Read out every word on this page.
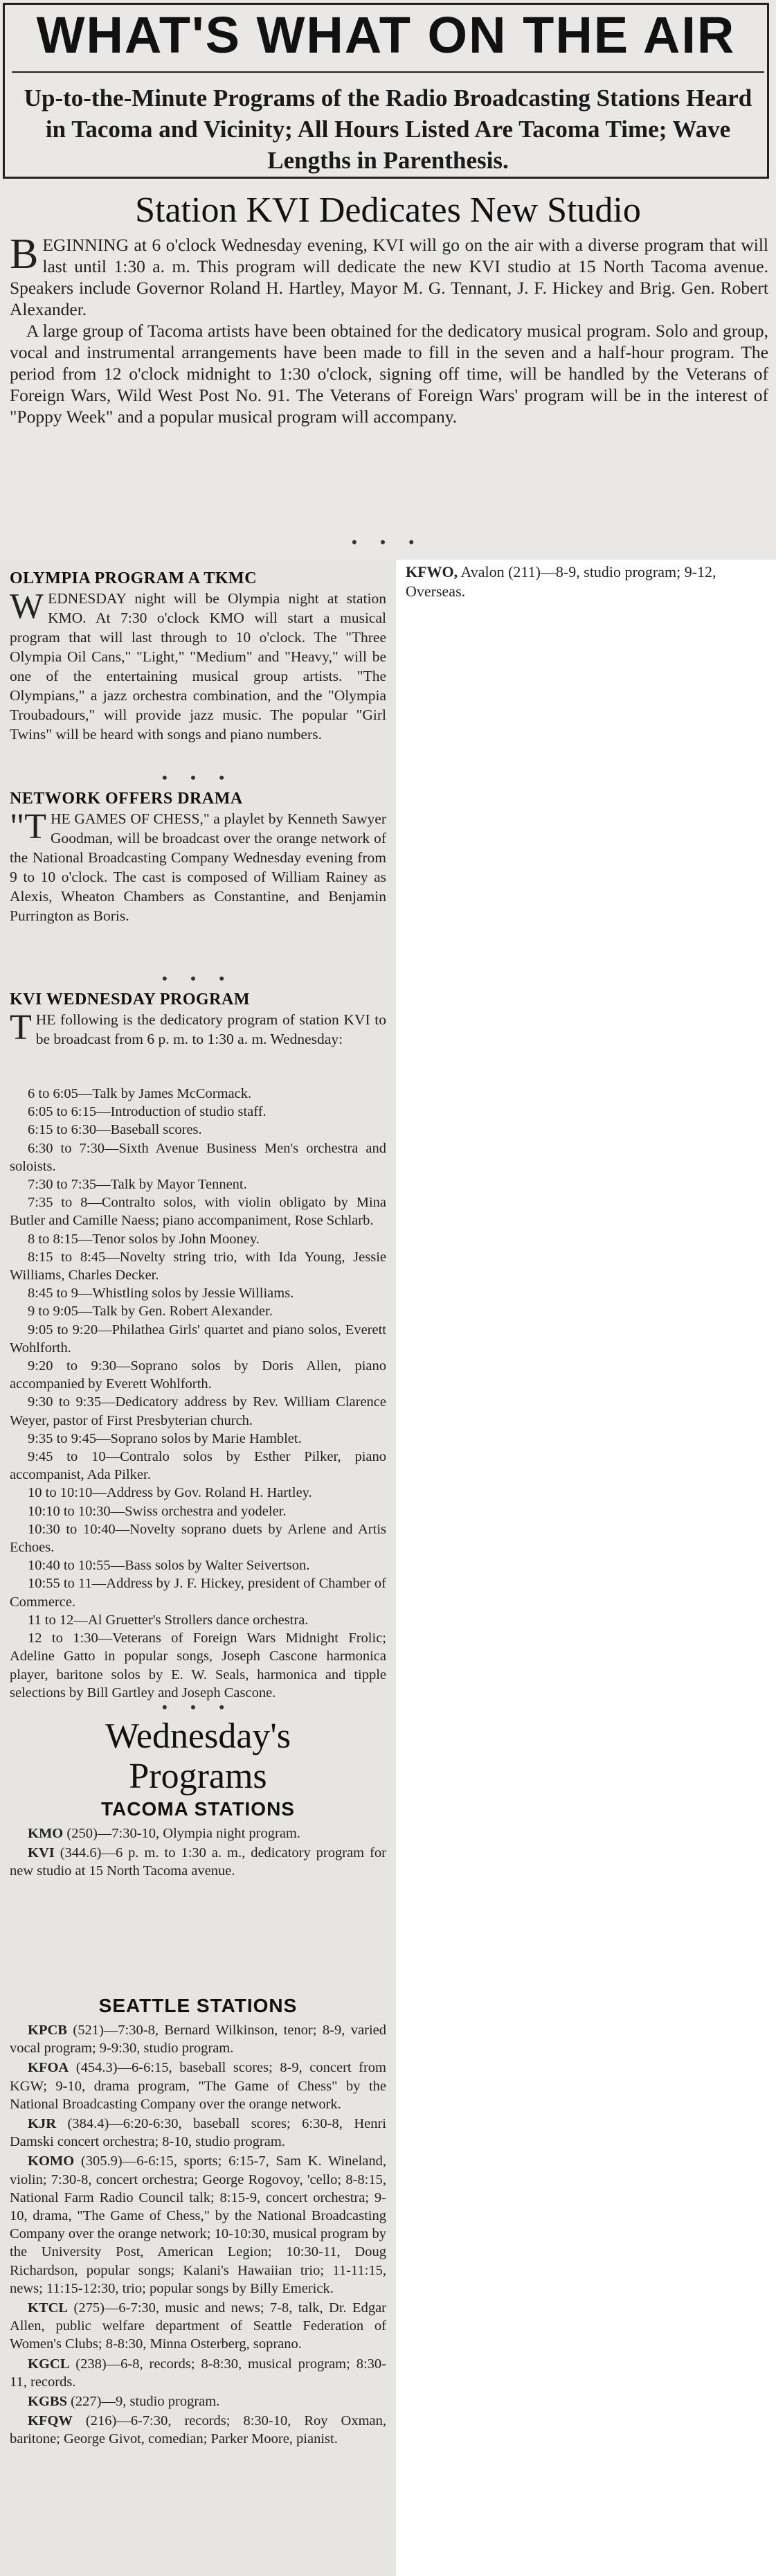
WHAT'S WHAT ON THE AIR
Up-to-the-Minute Programs of the Radio Broadcasting Stations Heard in Tacoma and Vicinity; All Hours Listed Are Tacoma Time; Wave Lengths in Parenthesis.
Station KVI Dedicates New Studio

BEGINNING at 6 o'clock Wednesday evening, KVI will go on the air with a diverse program that will last until 1:30 a. m. This program will dedicate the new KVI studio at 15 North Tacoma avenue. Speakers include Governor Roland H. Hartley, Mayor M. G. Tennant, J. F. Hickey and Brig. Gen. Robert Alexander.

A large group of Tacoma artists have been obtained for the dedicatory musical program. Solo and group, vocal and instrumental arrangements have been made to fill in the seven and a half-hour program. The period from 12 o'clock midnight to 1:30 o'clock, signing off time, will be handled by the Veterans of Foreign Wars, Wild West Post No. 91. The Veterans of Foreign Wars' program will be in the interest of "Poppy Week" and a popular musical program will accompany.

• • •
KFWO, Avalon (211)—8-9, studio program; 9-12, Overseas.

OLYMPIA PROGRAM A TKMC

WEDNESDAY night will be Olympia night at station KMO. At 7:30 o'clock KMO will start a musical program that will last through to 10 o'clock. The "Three Olympia Oil Cans," "Light," "Medium" and "Heavy," will be one of the entertaining musical group artists. "The Olympians," a jazz orchestra combination, and the "Olympia Troubadours," will provide jazz music. The popular "Girl Twins" will be heard with songs and piano numbers.

• • •

NETWORK OFFERS DRAMA

"THE GAMES OF CHESS," a playlet by Kenneth Sawyer Goodman, will be broadcast over the orange network of the National Broadcasting Company Wednesday evening from 9 to 10 o'clock. The cast is composed of William Rainey as Alexis, Wheaton Chambers as Constantine, and Benjamin Purrington as Boris.

• • •

KVI WEDNESDAY PROGRAM

THE following is the dedicatory program of station KVI to be broadcast from 6 p. m. to 1:30 a. m. Wednesday:

6 to 6:05—Talk by James McCormack.

6:05 to 6:15—Introduction of studio staff.

6:15 to 6:30—Baseball scores.

6:30 to 7:30—Sixth Avenue Business Men's orchestra and soloists.

7:30 to 7:35—Talk by Mayor Tennent.

7:35 to 8—Contralto solos, with violin obligato by Mina Butler and Camille Naess; piano accompaniment, Rose Schlarb.

8 to 8:15—Tenor solos by John Mooney.

8:15 to 8:45—Novelty string trio, with Ida Young, Jessie Williams, Charles Decker.

8:45 to 9—Whistling solos by Jessie Williams.

9 to 9:05—Talk by Gen. Robert Alexander.

9:05 to 9:20—Philathea Girls' quartet and piano solos, Everett Wohlforth.

9:20 to 9:30—Soprano solos by Doris Allen, piano accompanied by Everett Wohlforth.

9:30 to 9:35—Dedicatory address by Rev. William Clarence Weyer, pastor of First Presbyterian church.

9:35 to 9:45—Soprano solos by Marie Hamblet.

9:45 to 10—Contralo solos by Esther Pilker, piano accompanist, Ada Pilker.

10 to 10:10—Address by Gov. Roland H. Hartley.

10:10 to 10:30—Swiss orchestra and yodeler.

10:30 to 10:40—Novelty soprano duets by Arlene and Artis Echoes.

10:40 to 10:55—Bass solos by Walter Seivertson.

10:55 to 11—Address by J. F. Hickey, president of Chamber of Commerce.

11 to 12—Al Gruetter's Strollers dance orchestra.

12 to 1:30—Veterans of Foreign Wars Midnight Frolic; Adeline Gatto in popular songs, Joseph Cascone harmonica player, baritone solos by E. W. Seals, harmonica and tipple selections by Bill Gartley and Joseph Cascone.

• • •
Wednesday's
Programs
TACOMA STATIONS

KMO (250)—7:30-10, Olympia night program.

KVI (344.6)—6 p. m. to 1:30 a. m., dedicatory program for new studio at 15 North Tacoma avenue.

SEATTLE STATIONS

KPCB (521)—7:30-8, Bernard Wilkinson, tenor; 8-9, varied vocal program; 9-9:30, studio program.

KFOA (454.3)—6-6:15, baseball scores; 8-9, concert from KGW; 9-10, drama program, "The Game of Chess" by the National Broadcasting Company over the orange network.

KJR (384.4)—6:20-6:30, baseball scores; 6:30-8, Henri Damski concert orchestra; 8-10, studio program.

KOMO (305.9)—6-6:15, sports; 6:15-7, Sam K. Wineland, violin; 7:30-8, concert orchestra; George Rogovoy, 'cello; 8-8:15, National Farm Radio Council talk; 8:15-9, concert orchestra; 9-10, drama, "The Game of Chess," by the National Broadcasting Company over the orange network; 10-10:30, musical program by the University Post, American Legion; 10:30-11, Doug Richardson, popular songs; Kalani's Hawaiian trio; 11-11:15, news; 11:15-12:30, trio; popular songs by Billy Emerick.

KTCL (275)—6-7:30, music and news; 7-8, talk, Dr. Edgar Allen, public welfare department of Seattle Federation of Women's Clubs; 8-8:30, Minna Osterberg, soprano.

KGCL (238)—6-8, records; 8-8:30, musical program; 8:30-11, records.

KGBS (227)—9, studio program.

KFQW (216)—6-7:30, records; 8:30-10, Roy Oxman, baritone; George Givot, comedian; Parker Moore, pianist.
